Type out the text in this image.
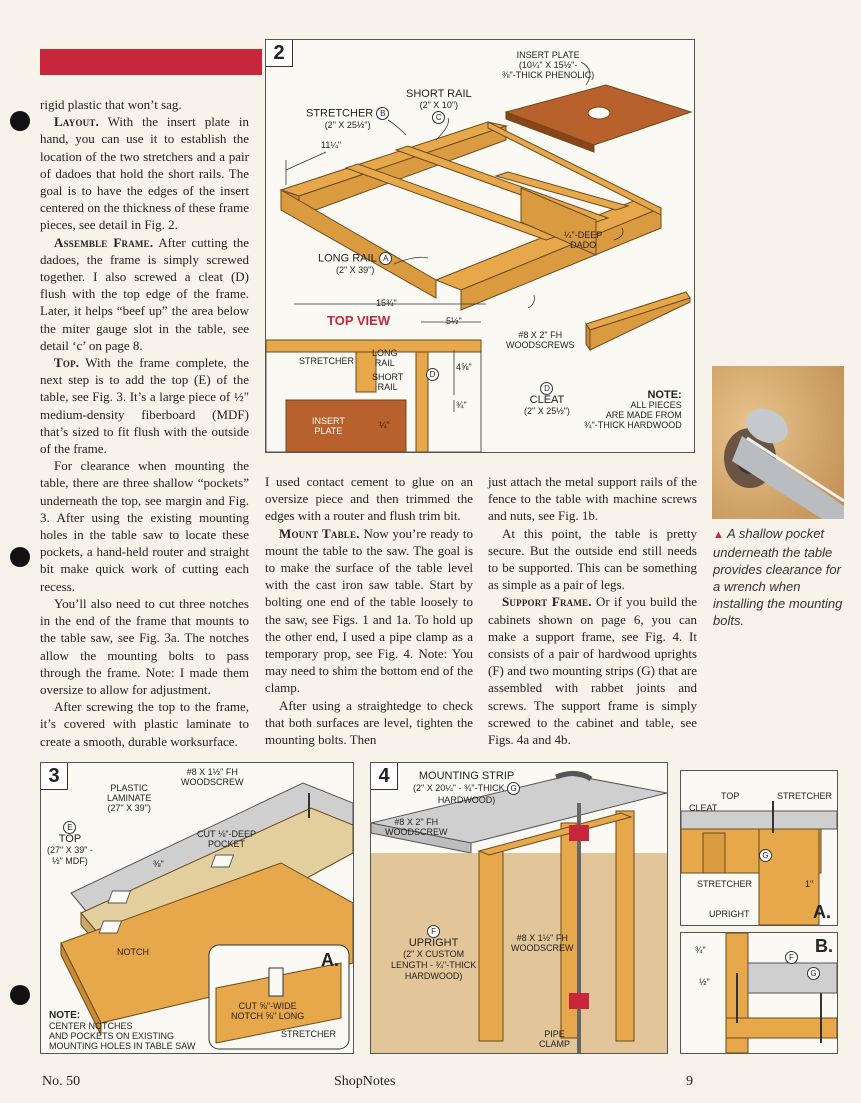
rigid plastic that won’t sag.

Layout. With the insert plate in hand, you can use it to establish the location of the two stretchers and a pair of dadoes that hold the short rails. The goal is to have the edges of the insert centered on the thickness of these frame pieces, see detail in Fig. 2.

Assemble Frame. After cutting the dadoes, the frame is simply screwed together. I also screwed a cleat (D) flush with the top edge of the frame. Later, it helps “beef up” the area below the miter gauge slot in the table, see detail ‘c’ on page 8.

Top. With the frame complete, the next step is to add the top (E) of the table, see Fig. 3. It’s a large piece of ½" medium-density fiberboard (MDF) that’s sized to fit flush with the outside of the frame.

For clearance when mounting the table, there are three shallow “pockets” underneath the top, see margin and Fig. 3. After using the existing mounting holes in the table saw to locate these pockets, a hand-held router and straight bit make quick work of cutting each recess.

You’ll also need to cut three notches in the end of the frame that mounts to the table saw, see Fig. 3a. The notches allow the mounting bolts to pass through the frame. Note: I made them oversize to allow for adjustment.

After screwing the top to the frame, it’s covered with plastic laminate to create a smooth, durable worksurface.

I used contact cement to glue on an oversize piece and then trimmed the edges with a router and flush trim bit.

Mount Table. Now you’re ready to mount the table to the saw. The goal is to make the surface of the table level with the cast iron saw table. Start by bolting one end of the table loosely to the saw, see Figs. 1 and 1a. To hold up the other end, I used a pipe clamp as a temporary prop, see Fig. 4. Note: You may need to shim the bottom end of the clamp.

After using a straightedge to check that both surfaces are level, tighten the mounting bolts. Then

just attach the metal support rails of the fence to the table with machine screws and nuts, see Fig. 1b.

At this point, the table is pretty secure. But the outside end still needs to be supported. This can be something as simple as a pair of legs.

Support Frame. Or if you build the cabinets shown on page 6, you can make a support frame, see Fig. 4. It consists of a pair of hardwood uprights (F) and two mounting strips (G) that are assembled with rabbet joints and screws. The support frame is simply screwed to the cabinet and table, see Figs. 4a and 4b.

▲ A shallow pocket underneath the table provides clearance for a wrench when installing the mounting bolts.
2	INSERT PLATE
(10¼" X 15½"-
⅜"-THICK PHENOLIC)
SHORT RAIL
(2" X 10")
C
STRETCHER B
(2" X 25½")
11¼"
¼"-DEEP
DADO
LONG RAIL A
(2" X 39")
#8 X 2" FH
WOODSCREWS
D
CLEAT
(2" X 25½")
NOTE:
ALL PIECES
ARE MADE FROM
¾"-THICK HARDWOOD
15¾"
5½"
TOP VIEW
STRETCHER
LONG
RAIL
SHORT
RAIL
D
4⅝"
¾"
INSERT
PLATE
¼"
3	#8 X 1½" FH
WOODSCREW
PLASTIC
LAMINATE
(27" X 39")
E
TOP
(27" X 39" -
½" MDF)
CUT ⅛"-DEEP
POCKET
⅜"
NOTCH	A.
CUT ⅝"-WIDE
NOTCH ⅝" LONG
STRETCHER
NOTE:
CENTER NOTCHES
AND POCKETS ON EXISTING
MOUNTING HOLES IN TABLE SAW
4	MOUNTING STRIP
(2" X 20¼" - ¾"-THICK G
HARDWOOD)
#8 X 2" FH
WOODSCREW
F
UPRIGHT
(2" X CUSTOM
LENGTH - ¾"-THICK
HARDWOOD)
#8 X 1½" FH
WOODSCREW
PIPE
CLAMP
TOP	STRETCHER
CLEAT
G
STRETCHER	1"
UPRIGHT	A.
¾"
½"
F
G
B.
No. 50	ShopNotes	9
